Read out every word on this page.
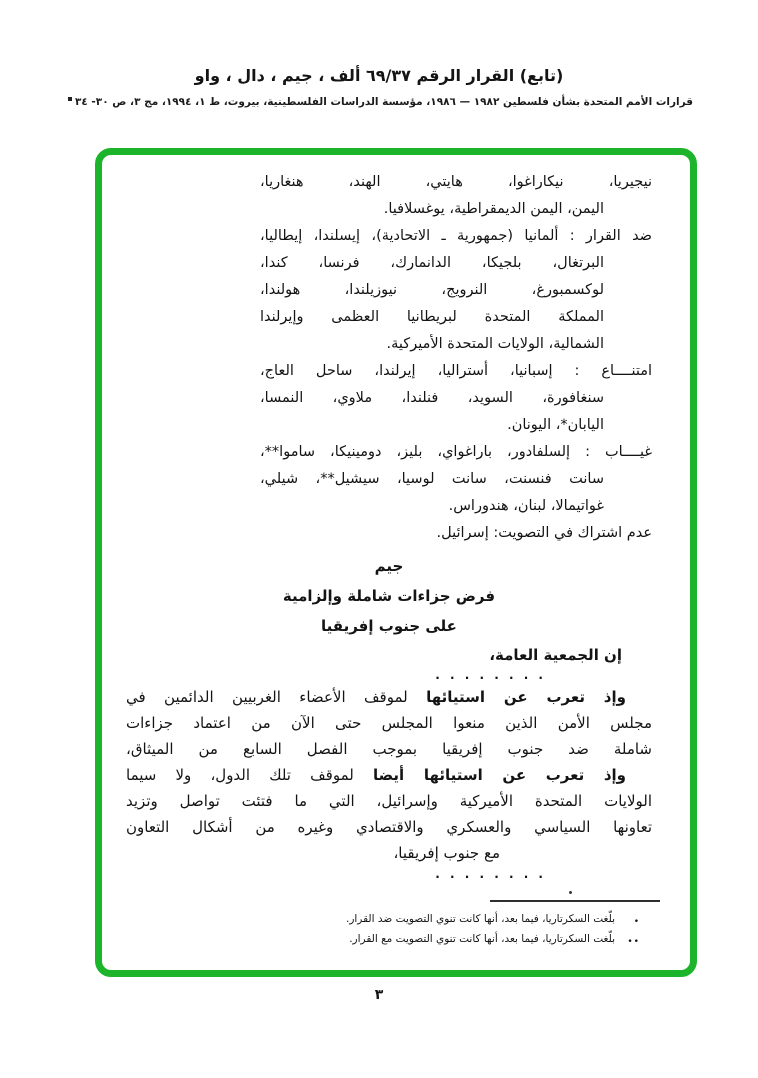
(تابع) القرار الرقم ٦٩/٣٧ ألف ، جيم ، دال ، واو
قرارات الأمم المتحدة بشأن فلسطين ١٩٨٢ — ١٩٨٦، مؤسسة الدراسات الفلسطينية، بيروت، ط ١، ١٩٩٤، مج ٣، ص ٣٠- ٣٤
نيجيريا، نيكاراغوا، هايتي، الهند، هنغاريا،
اليمن، اليمن الديمقراطية، يوغسلافيا.
ضد القرار : ألمانيا (جمهورية ـ الاتحادية)، إيسلندا، إيطاليا،
البرتغال، بلجيكا، الدانمارك، فرنسا، كندا،
لوكسمبورغ، النرويج، نيوزيلندا، هولندا،
المملكة المتحدة لبريطانيا العظمى وإيرلندا
الشمالية، الولايات المتحدة الأميركية.
امتنــــاع : إسبانيا، أستراليا، إيرلندا، ساحل العاج،
سنغافورة، السويد، فنلندا، ملاوي، النمسا،
اليابان*، اليونان.
غيــــاب : إلسلفادور، باراغواي، بليز، دومينيكا، ساموا**،
سانت فنسنت، سانت لوسيا، سيشيل**، شيلي،
غواتيمالا، لبنان، هندوراس.
عدم اشتراك في التصويت: إسرائيل.
جيم
فرض جزاءات شاملة وإلزامية
على جنوب إفريقيا
إن الجمعية العامة،
. . . . . . . .
وإذ تعرب عن استيائها لموقف الأعضاء الغربيين الدائمين في
مجلس الأمن الذين منعوا المجلس حتى الآن من اعتماد جزاءات
شاملة ضد جنوب إفريقيا بموجب الفصل السابع من الميثاق،
وإذ تعرب عن استيائها أيضا لموقف تلك الدول، ولا سيما
الولايات المتحدة الأميركية وإسرائيل، التي ما فتئت تواصل وتزيد
تعاونها السياسي والعسكري والاقتصادي وغيره من أشكال التعاون
مع جنوب إفريقيا،
. . . . . . . .
•
بلّغت السكرتاريا، فيما بعد، أنها كانت تنوي التصويت ضد القرار.
••
بلّغت السكرتاريا، فيما بعد، أنها كانت تنوي التصويت مع القرار.
٣
